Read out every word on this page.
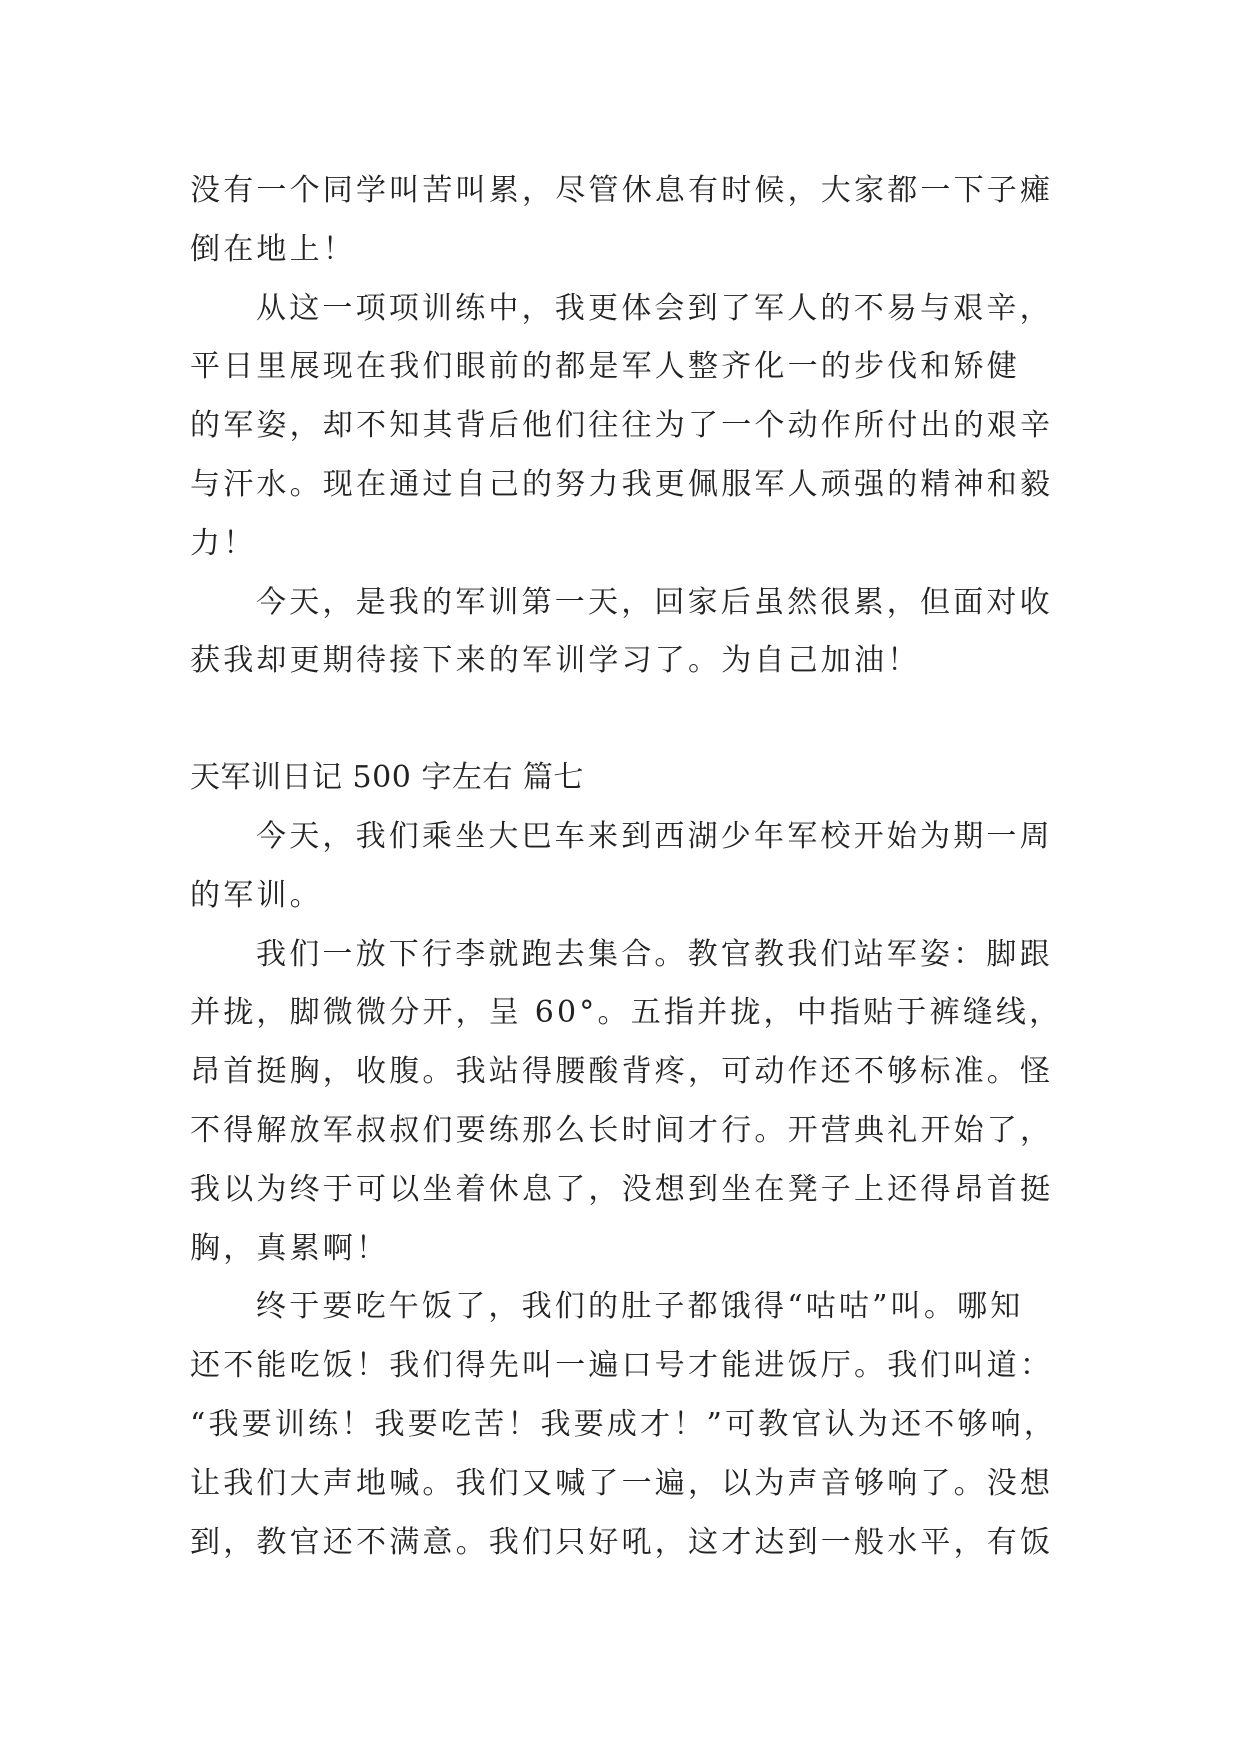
没有一个同学叫苦叫累，尽管休息有时候，大家都一下子瘫
倒在地上！
从这一项项训练中，我更体会到了军人的不易与艰辛，
平日里展现在我们眼前的都是军人整齐化一的步伐和矫健
的军姿，却不知其背后他们往往为了一个动作所付出的艰辛
与汗水。现在通过自己的努力我更佩服军人顽强的精神和毅
力！
今天，是我的军训第一天，回家后虽然很累，但面对收
获我却更期待接下来的军训学习了。为自己加油！
天军训日记 500 字左右 篇七
今天，我们乘坐大巴车来到西湖少年军校开始为期一周
的军训。
我们一放下行李就跑去集合。教官教我们站军姿：脚跟
并拢，脚微微分开，呈 60°。五指并拢，中指贴于裤缝线，
昂首挺胸，收腹。我站得腰酸背疼，可动作还不够标准。怪
不得解放军叔叔们要练那么长时间才行。开营典礼开始了，
我以为终于可以坐着休息了，没想到坐在凳子上还得昂首挺
胸，真累啊！
终于要吃午饭了，我们的肚子都饿得“咕咕”叫。哪知
还不能吃饭！我们得先叫一遍口号才能进饭厅。我们叫道：
“我要训练！我要吃苦！我要成才！”可教官认为还不够响，
让我们大声地喊。我们又喊了一遍，以为声音够响了。没想
到，教官还不满意。我们只好吼，这才达到一般水平，有饭
